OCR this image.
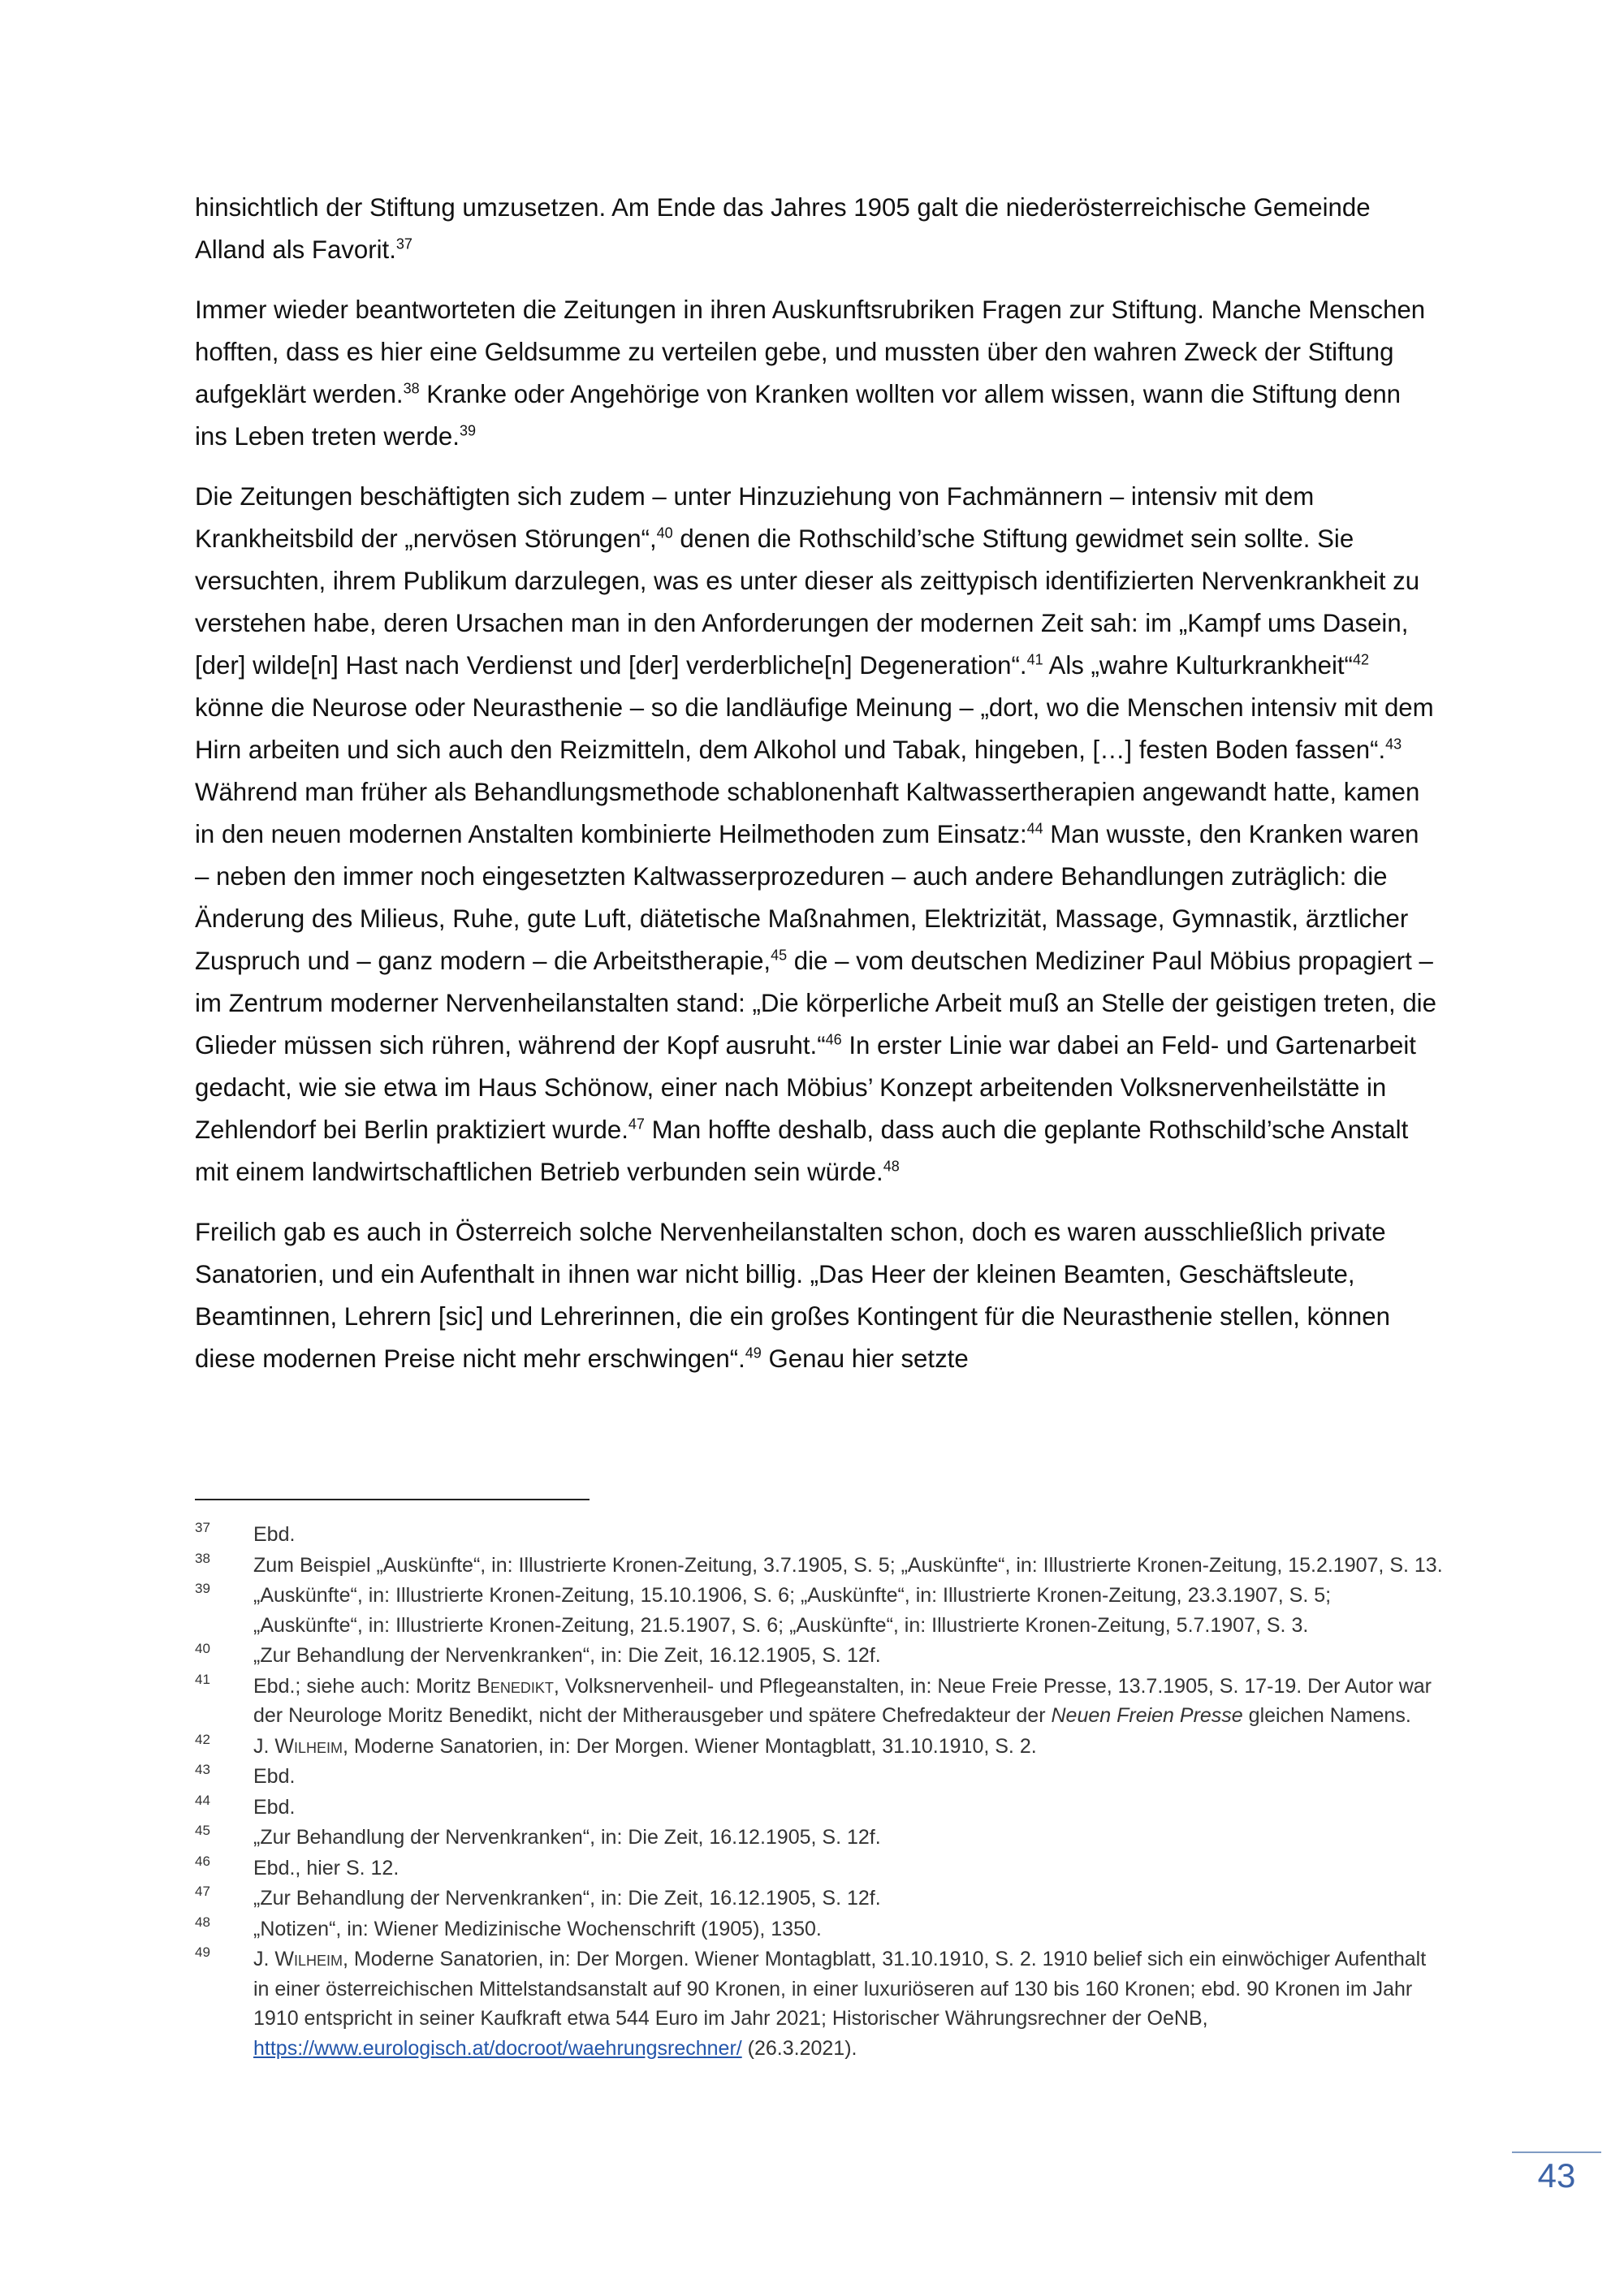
hinsichtlich der Stiftung umzusetzen. Am Ende das Jahres 1905 galt die niederösterreichische Gemeinde Alland als Favorit.$^{37}$

Immer wieder beantworteten die Zeitungen in ihren Auskunftsrubriken Fragen zur Stiftung. Manche Menschen hofften, dass es hier eine Geldsumme zu verteilen gebe, und mussten über den wahren Zweck der Stiftung aufgeklärt werden.$^{38}$ Kranke oder Angehörige von Kranken wollten vor allem wissen, wann die Stiftung denn ins Leben treten werde.$^{39}$

Die Zeitungen beschäftigten sich zudem – unter Hinzuziehung von Fachmännern – intensiv mit dem Krankheitsbild der „nervösen Störungen“,$^{40}$ denen die Rothschild’sche Stiftung gewidmet sein sollte. Sie versuchten, ihrem Publikum darzulegen, was es unter dieser als zeittypisch identifizierten Nervenkrankheit zu verstehen habe, deren Ursachen man in den Anforderungen der modernen Zeit sah: im „Kampf ums Dasein, [der] wilde[n] Hast nach Verdienst und [der] verderbliche[n] Degeneration“.$^{41}$ Als „wahre Kulturkrankheit“$^{42}$ könne die Neurose oder Neurasthenie – so die landläufige Meinung – „dort, wo die Menschen intensiv mit dem Hirn arbeiten und sich auch den Reizmitteln, dem Alkohol und Tabak, hingeben, […] festen Boden fassen“.$^{43}$ Während man früher als Behandlungsmethode schablonenhaft Kaltwassertherapien angewandt hatte, kamen in den neuen modernen Anstalten kombinierte Heilmethoden zum Einsatz:$^{44}$ Man wusste, den Kranken waren – neben den immer noch eingesetzten Kaltwasserprozeduren – auch andere Behandlungen zuträglich: die Änderung des Milieus, Ruhe, gute Luft, diätetische Maßnahmen, Elektrizität, Massage, Gymnastik, ärztlicher Zuspruch und – ganz modern – die Arbeitstherapie,$^{45}$ die – vom deutschen Mediziner Paul Möbius propagiert – im Zentrum moderner Nervenheilanstalten stand: „Die körperliche Arbeit muß an Stelle der geistigen treten, die Glieder müssen sich rühren, während der Kopf ausruht.“$^{46}$ In erster Linie war dabei an Feld- und Gartenarbeit gedacht, wie sie etwa im Haus Schönow, einer nach Möbius’ Konzept arbeitenden Volksnervenheilstätte in Zehlendorf bei Berlin praktiziert wurde.$^{47}$ Man hoffte deshalb, dass auch die geplante Rothschild’sche Anstalt mit einem landwirtschaftlichen Betrieb verbunden sein würde.$^{48}$

Freilich gab es auch in Österreich solche Nervenheilanstalten schon, doch es waren ausschließlich private Sanatorien, und ein Aufenthalt in ihnen war nicht billig. „Das Heer der kleinen Beamten, Geschäftsleute, Beamtinnen, Lehrern [sic] und Lehrerinnen, die ein großes Kontingent für die Neurasthenie stellen, können diese modernen Preise nicht mehr erschwingen“.$^{49}$ Genau hier setzte

37	Ebd.
38	Zum Beispiel „Auskünfte“, in: Illustrierte Kronen-Zeitung, 3.7.1905, S. 5; „Auskünfte“, in: Illustrierte Kronen-Zeitung, 15.2.1907, S. 13.
39	„Auskünfte“, in: Illustrierte Kronen-Zeitung, 15.10.1906, S. 6; „Auskünfte“, in: Illustrierte Kronen-Zeitung, 23.3.1907, S. 5; „Auskünfte“, in: Illustrierte Kronen-Zeitung, 21.5.1907, S. 6; „Auskünfte“, in: Illustrierte Kronen-Zeitung, 5.7.1907, S. 3.
40	„Zur Behandlung der Nervenkranken“, in: Die Zeit, 16.12.1905, S. 12f.
41	Ebd.; siehe auch: Moritz Benedikt, Volksnervenheil- und Pflegeanstalten, in: Neue Freie Presse, 13.7.1905, S. 17-19. Der Autor war der Neurologe Moritz Benedikt, nicht der Mitherausgeber und spätere Chefredakteur der Neuen Freien Presse gleichen Namens.
42	J. Wilheim, Moderne Sanatorien, in: Der Morgen. Wiener Montagblatt, 31.10.1910, S. 2.
43	Ebd.
44	Ebd.
45	„Zur Behandlung der Nervenkranken“, in: Die Zeit, 16.12.1905, S. 12f.
46	Ebd., hier S. 12.
47	„Zur Behandlung der Nervenkranken“, in: Die Zeit, 16.12.1905, S. 12f.
48	„Notizen“, in: Wiener Medizinische Wochenschrift (1905), 1350.
49	J. Wilheim, Moderne Sanatorien, in: Der Morgen. Wiener Montagblatt, 31.10.1910, S. 2. 1910 belief sich ein einwöchiger Aufenthalt in einer österreichischen Mittelstandsanstalt auf 90 Kronen, in einer luxuriöseren auf 130 bis 160 Kronen; ebd. 90 Kronen im Jahr 1910 entspricht in seiner Kaufkraft etwa 544 Euro im Jahr 2021; Historischer Währungsrechner der OeNB, https://www.eurologisch.at/docroot/waehrungsrechner/ (26.3.2021).
43
